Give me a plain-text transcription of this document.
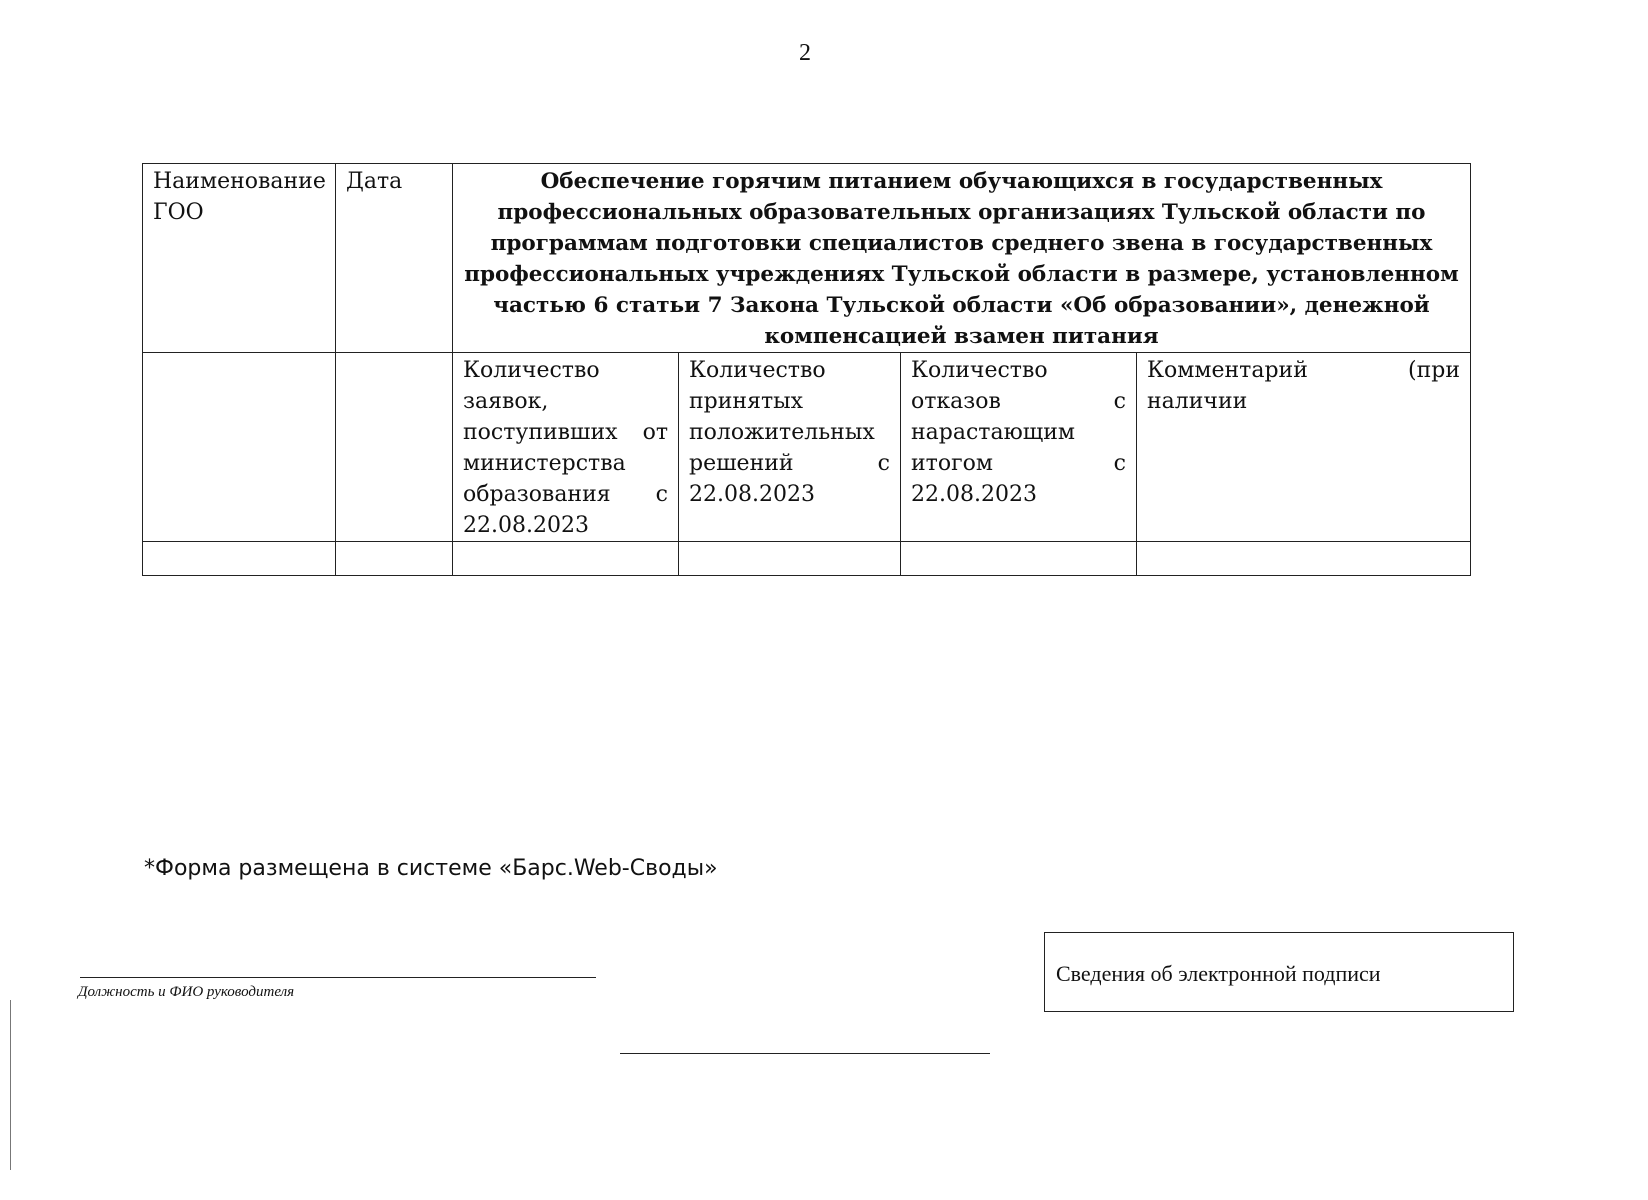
2
Наименование ГОО	Дата	Обеспечение горячим питанием обучающихся в государственных профессиональных образовательных организациях Тульской области по программам подготовки специалистов среднего звена в государственных профессиональных учреждениях Тульской области в размере, установленном частью 6 статьи 7 Закона Тульской области «Об образовании», денежной компенсацией взамен питания			
		Количество заявок, поступивших от министерства образования с 22.08.2023	Количество принятых положительных решений с 22.08.2023	Количество отказов с нарастающим итогом с 22.08.2023	Комментарий (при наличии

*Форма размещена в системе «Барс.Web-Своды»
Должность и ФИО руководителя
Сведения об электронной подписи
